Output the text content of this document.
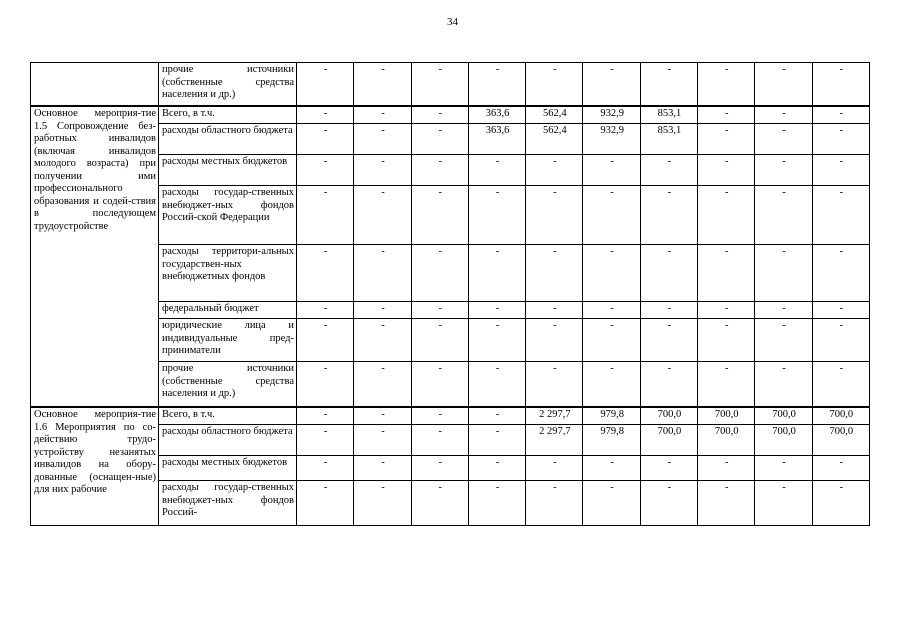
34
	прочие источники (собственные средства населения и др.)	-	-	-	-	-	-	-	-	-	-
Основное мероприя-тие 1.5 Сопровождение без-работных инвалидов (включая инвалидов молодого возраста) при получении ими профессионального образования и содей-ствия в последующем трудоустройстве	Всего, в т.ч.	-	-	-	363,6	562,4	932,9	853,1	-	-	-
	расходы областного бюджета	-	-	-	363,6	562,4	932,9	853,1	-	-	-
	расходы местных бюджетов	-	-	-	-	-	-	-	-	-	-
	расходы государ-ственных внебюджет-ных фондов Россий-ской Федерации	-	-	-	-	-	-	-	-	-	-
	расходы территори-альных государствен-ных внебюджетных фондов	-	-	-	-	-	-	-	-	-	-
	федеральный бюджет	-	-	-	-	-	-	-	-	-	-
	юридические лица и индивидуальные пред-приниматели	-	-	-	-	-	-	-	-	-	-
	прочие источники (собственные средства населения и др.)	-	-	-	-	-	-	-	-	-	-
Основное мероприя-тие 1.6 Мероприятия по со-действию трудо-устройству незанятых инвалидов на обору-дованные (оснащен-ные) для них рабочие	Всего, в т.ч.	-	-	-	-	2 297,7	979,8	700,0	700,0	700,0	700,0
	расходы областного бюджета	-	-	-	-	2 297,7	979,8	700,0	700,0	700,0	700,0
	расходы местных бюджетов	-	-	-	-	-	-	-	-	-	-
	расходы государ-ственных внебюджет-ных фондов Россий-	-	-	-	-	-	-	-	-	-	-
